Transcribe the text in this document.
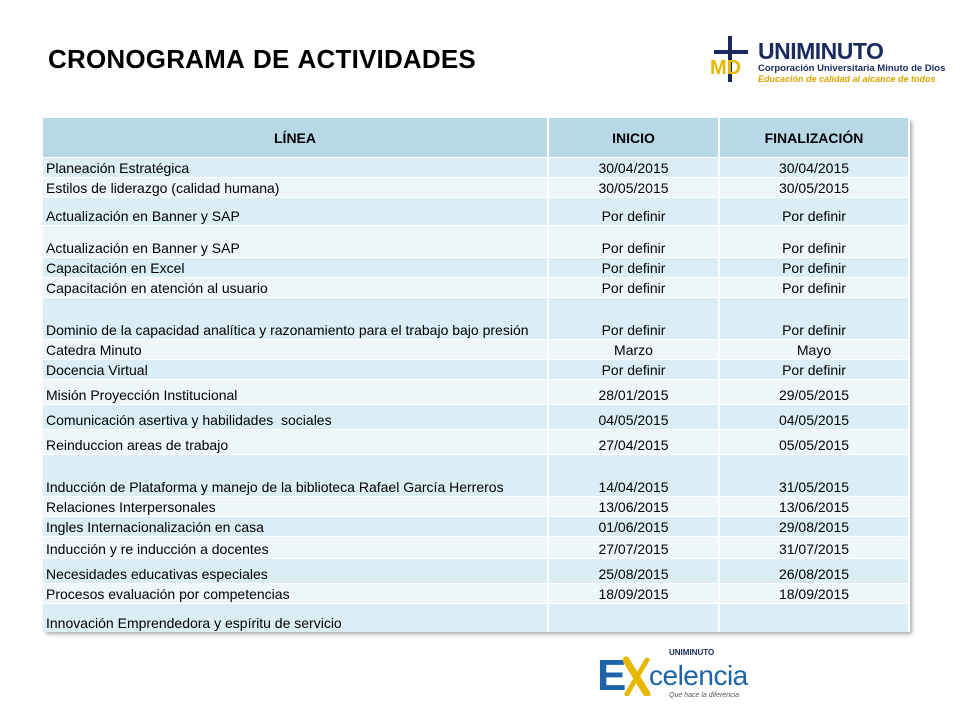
CRONOGRAMA DE ACTIVIDADES	MD
UNIMINUTO
Corporación Universitaria Minuto de Dios
Educación de calidad al alcance de todos
LÍNEA	INICIO	FINALIZACIÓN
Planeación Estratégica	30/04/2015	30/04/2015
Estilos de liderazgo (calidad humana)	30/05/2015	30/05/2015
Actualización en Banner y SAP	Por definir	Por definir
Actualización en Banner y SAP	Por definir	Por definir
Capacitación en Excel	Por definir	Por definir
Capacitación en atención al usuario	Por definir	Por definir
Dominio de la capacidad analítica y razonamiento para el trabajo bajo presión	Por definir	Por definir
Catedra Minuto	Marzo	Mayo
Docencia Virtual	Por definir	Por definir
Misión Proyección Institucional	28/01/2015	29/05/2015
Comunicación asertiva y habilidades  sociales	04/05/2015	04/05/2015
Reinduccion areas de trabajo	27/04/2015	05/05/2015
Inducción de Plataforma y manejo de la biblioteca Rafael García Herreros	14/04/2015	31/05/2015
Relaciones Interpersonales	13/06/2015	13/06/2015
Ingles Internacionalización en casa	01/06/2015	29/08/2015
Inducción y re inducción a docentes	27/07/2015	31/07/2015
Necesidades educativas especiales	25/08/2015	26/08/2015
Procesos evaluación por competencias	18/09/2015	18/09/2015
Innovación Emprendedora y espíritu de servicio		
UNIMINUTO
E celencia
Que hace la diferencia
